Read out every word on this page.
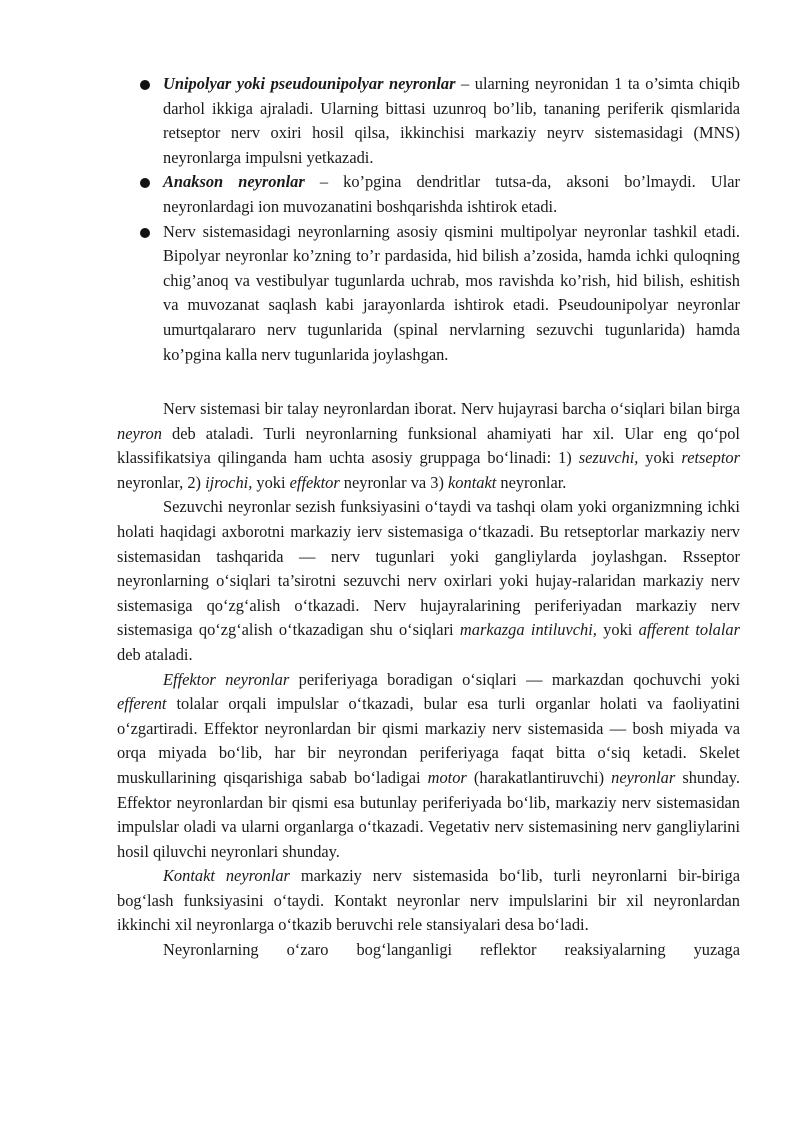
Unipolyar yoki pseudounipolyar neyronlar – ularning neyronidan 1 ta o’simta chiqib darhol ikkiga ajraladi. Ularning bittasi uzunroq bo’lib, tananing periferik qismlarida retseptor nerv oxiri hosil qilsa, ikkinchisi markaziy neyrv sistemasidagi (MNS) neyronlarga impulsni yetkazadi.
Anakson neyronlar – ko’pgina dendritlar tutsa-da, aksoni bo’lmaydi. Ular neyronlardagi ion muvozanatini boshqarishda ishtirok etadi.
Nerv sistemasidagi neyronlarning asosiy qismini multipolyar neyronlar tashkil etadi. Bipolyar neyronlar ko’zning to’r pardasida, hid bilish a’zosida, hamda ichki quloqning chig’anoq va vestibulyar tugunlarda uchrab, mos ravishda ko’rish, hid bilish, eshitish va muvozanat saqlash kabi jarayonlarda ishtirok etadi. Pseudounipolyar neyronlar umurtqalararo nerv tugunlarida (spinal nervlarning sezuvchi tugunlarida) hamda ko’pgina kalla nerv tugunlarida joylashgan.

Nerv sistemasi bir talay neyronlardan iborat. Nerv hujayrasi barcha o‘siqlari bilan birga neyron deb ataladi. Turli neyronlarning funksional ahamiyati har xil. Ular eng qo‘pol klassifikatsiya qilinganda ham uchta asosiy gruppaga bo‘linadi: 1) sezuvchi, yoki retseptor neyronlar, 2) ijrochi, yoki effektor neyronlar va 3) kontakt neyronlar.

Sezuvchi neyronlar sezish funksiyasini o‘taydi va tashqi olam yoki organizmning ichki holati haqidagi axborotni markaziy ierv sistemasiga o‘tkazadi. Bu retseptorlar markaziy nerv sistemasidan tashqarida — nerv tugunlari yoki gangliylarda joylashgan. Rsseptor neyronlarning o‘siqlari ta’sirotni sezuvchi nerv oxirlari yoki hujay-ralaridan markaziy nerv sistemasiga qo‘zg‘alish o‘tkazadi. Nerv hujayralarining periferiyadan markaziy nerv sistemasiga qo‘zg‘alish o‘tkazadigan shu o‘siqlari markazga intiluvchi, yoki afferent tolalar deb ataladi.

Effektor neyronlar periferiyaga boradigan o‘siqlari — markazdan qochuvchi yoki efferent tolalar orqali impulslar o‘tkazadi, bular esa turli organlar holati va faoliyatini o‘zgartiradi. Effektor neyronlardan bir qismi markaziy nerv sistemasida — bosh miyada va orqa miyada bo‘lib, har bir neyrondan periferiyaga faqat bitta o‘siq ketadi. Skelet muskullarining qisqarishiga sabab bo‘ladigai motor (harakatlantiruvchi) neyronlar shunday. Effektor neyronlardan bir qismi esa butunlay periferiyada bo‘lib, markaziy nerv sistemasidan impulslar oladi va ularni organlarga o‘tkazadi. Vegetativ nerv sistemasining nerv gangliylarini hosil qiluvchi neyronlari shunday.

Kontakt neyronlar markaziy nerv sistemasida bo‘lib, turli neyronlarni bir-biriga bog‘lash funksiyasini o‘taydi. Kontakt neyronlar nerv impulslarini bir xil neyronlardan ikkinchi xil neyronlarga o‘tkazib beruvchi rele stansiyalari desa bo‘ladi.

Neyronlarning o‘zaro bog‘langanligi reflektor reaksiyalarning yuzaga
